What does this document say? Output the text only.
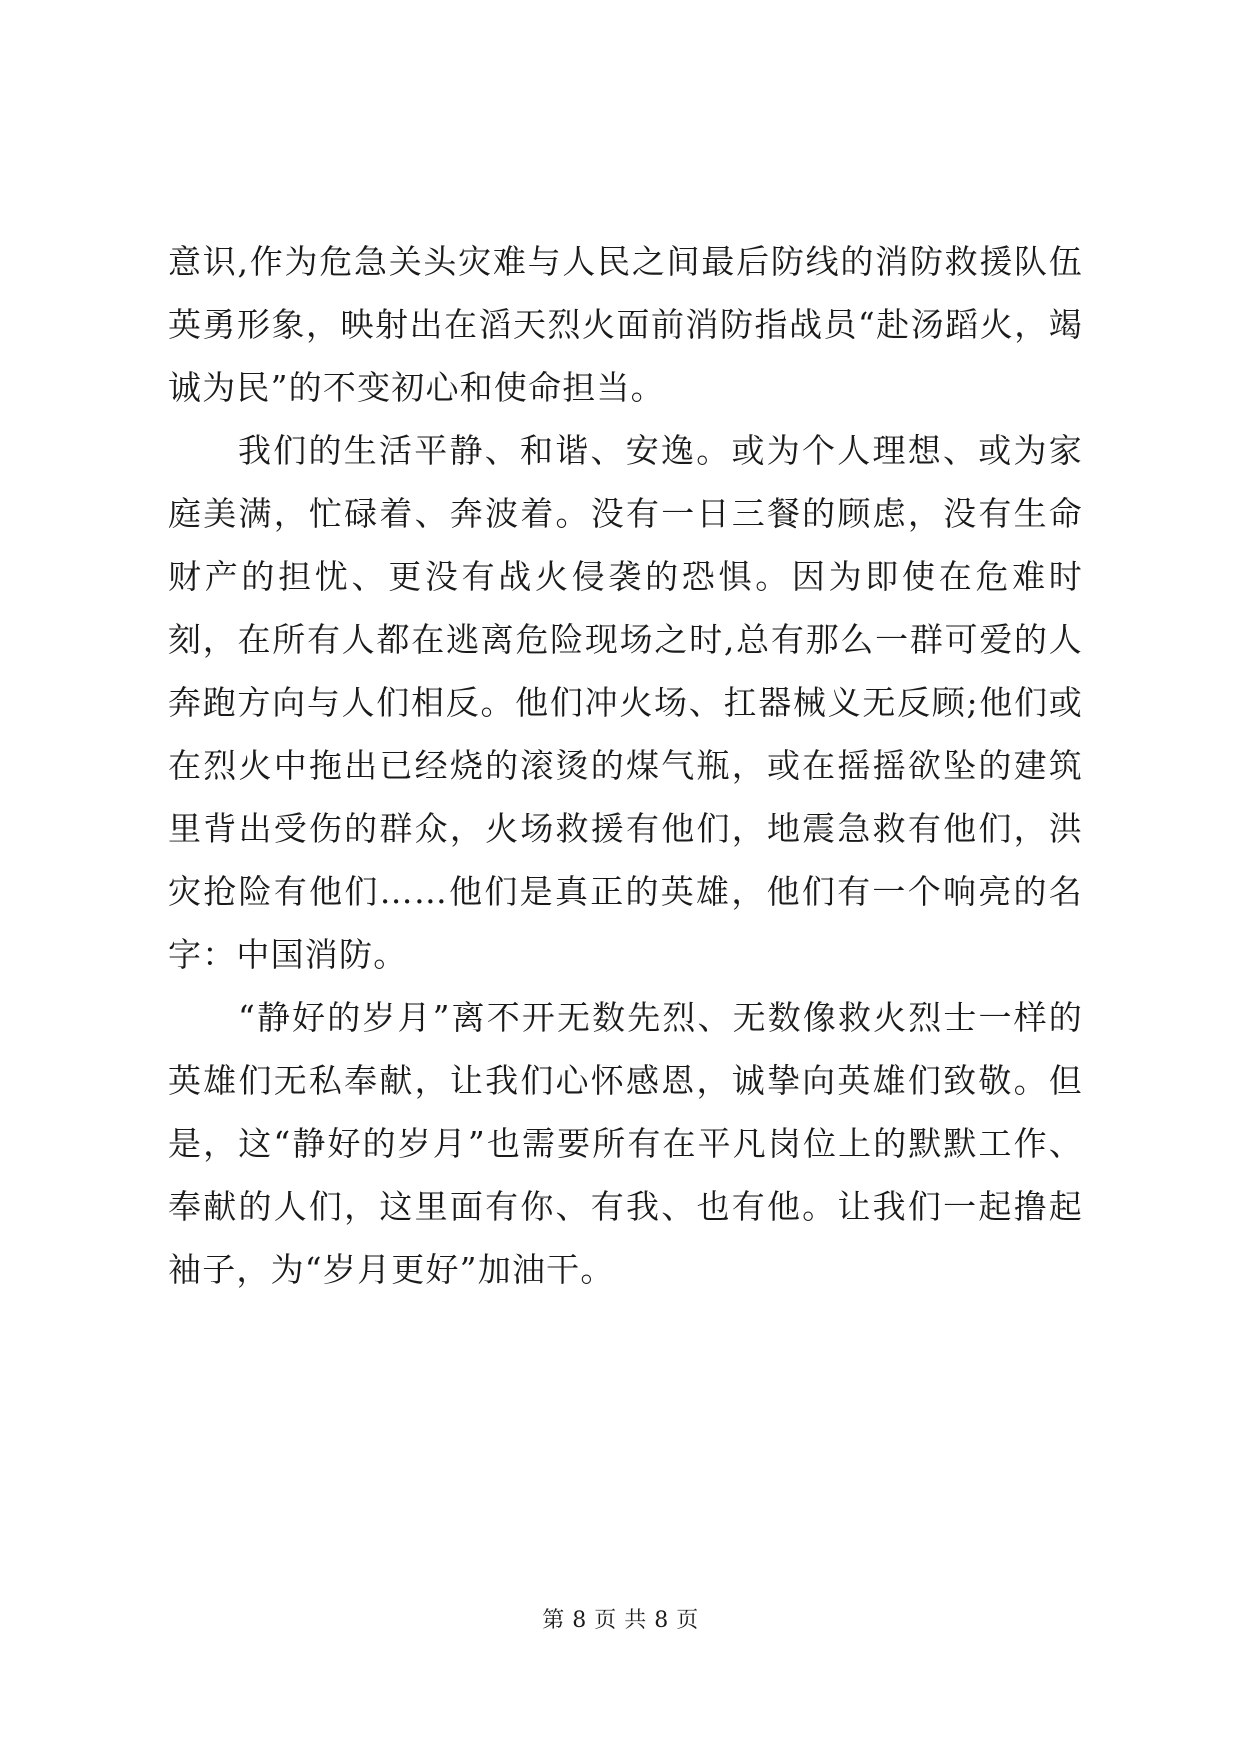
意识,作为危急关头灾难与人民之间最后防线的消防救援队伍英勇形象，映射出在滔天烈火面前消防指战员“赴汤蹈火，竭诚为民”的不变初心和使命担当。

我们的生活平静、和谐、安逸。或为个人理想、或为家庭美满，忙碌着、奔波着。没有一日三餐的顾虑，没有生命财产的担忧、更没有战火侵袭的恐惧。因为即使在危难时刻，在所有人都在逃离危险现场之时,总有那么一群可爱的人奔跑方向与人们相反。他们冲火场、扛器械义无反顾;他们或在烈火中拖出已经烧的滚烫的煤气瓶，或在摇摇欲坠的建筑里背出受伤的群众，火场救援有他们，地震急救有他们，洪灾抢险有他们……他们是真正的英雄，他们有一个响亮的名字：中国消防。

“静好的岁月”离不开无数先烈、无数像救火烈士一样的英雄们无私奉献，让我们心怀感恩，诚挚向英雄们致敬。但是，这“静好的岁月”也需要所有在平凡岗位上的默默工作、奉献的人们，这里面有你、有我、也有他。让我们一起撸起袖子，为“岁月更好”加油干。

第 8 页 共 8 页
